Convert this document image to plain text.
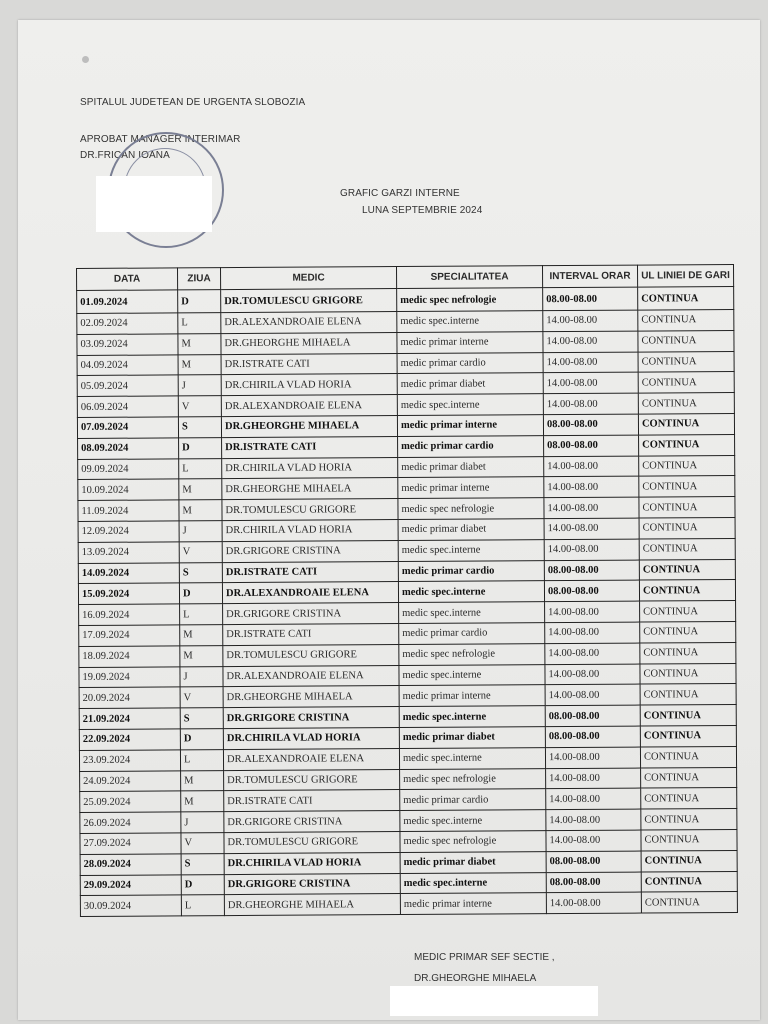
SPITALUL JUDETEAN DE URGENTA SLOBOZIA
APROBAT MANAGER INTERIMAR
DR.FRICAN IOANA
GRAFIC GARZI INTERNE
LUNA SEPTEMBRIE 2024
DATA	ZIUA	MEDIC	SPECIALITATEA	INTERVAL ORAR	UL LINIEI DE GARI
01.09.2024	D	DR.TOMULESCU GRIGORE	medic spec nefrologie	08.00-08.00	CONTINUA
02.09.2024	L	DR.ALEXANDROAIE ELENA	medic spec.interne	14.00-08.00	CONTINUA
03.09.2024	M	DR.GHEORGHE MIHAELA	medic primar interne	14.00-08.00	CONTINUA
04.09.2024	M	DR.ISTRATE CATI	medic primar cardio	14.00-08.00	CONTINUA
05.09.2024	J	DR.CHIRILA VLAD HORIA	medic primar diabet	14.00-08.00	CONTINUA
06.09.2024	V	DR.ALEXANDROAIE ELENA	medic spec.interne	14.00-08.00	CONTINUA
07.09.2024	S	DR.GHEORGHE MIHAELA	medic primar interne	08.00-08.00	CONTINUA
08.09.2024	D	DR.ISTRATE CATI	medic primar cardio	08.00-08.00	CONTINUA
09.09.2024	L	DR.CHIRILA VLAD HORIA	medic primar diabet	14.00-08.00	CONTINUA
10.09.2024	M	DR.GHEORGHE MIHAELA	medic primar interne	14.00-08.00	CONTINUA
11.09.2024	M	DR.TOMULESCU GRIGORE	medic spec nefrologie	14.00-08.00	CONTINUA
12.09.2024	J	DR.CHIRILA VLAD HORIA	medic primar diabet	14.00-08.00	CONTINUA
13.09.2024	V	DR.GRIGORE CRISTINA	medic spec.interne	14.00-08.00	CONTINUA
14.09.2024	S	DR.ISTRATE CATI	medic primar cardio	08.00-08.00	CONTINUA
15.09.2024	D	DR.ALEXANDROAIE ELENA	medic spec.interne	08.00-08.00	CONTINUA
16.09.2024	L	DR.GRIGORE CRISTINA	medic spec.interne	14.00-08.00	CONTINUA
17.09.2024	M	DR.ISTRATE CATI	medic primar cardio	14.00-08.00	CONTINUA
18.09.2024	M	DR.TOMULESCU GRIGORE	medic spec nefrologie	14.00-08.00	CONTINUA
19.09.2024	J	DR.ALEXANDROAIE ELENA	medic spec.interne	14.00-08.00	CONTINUA
20.09.2024	V	DR.GHEORGHE MIHAELA	medic primar interne	14.00-08.00	CONTINUA
21.09.2024	S	DR.GRIGORE CRISTINA	medic spec.interne	08.00-08.00	CONTINUA
22.09.2024	D	DR.CHIRILA VLAD HORIA	medic primar diabet	08.00-08.00	CONTINUA
23.09.2024	L	DR.ALEXANDROAIE ELENA	medic spec.interne	14.00-08.00	CONTINUA
24.09.2024	M	DR.TOMULESCU GRIGORE	medic spec nefrologie	14.00-08.00	CONTINUA
25.09.2024	M	DR.ISTRATE CATI	medic primar cardio	14.00-08.00	CONTINUA
26.09.2024	J	DR.GRIGORE CRISTINA	medic spec.interne	14.00-08.00	CONTINUA
27.09.2024	V	DR.TOMULESCU GRIGORE	medic spec nefrologie	14.00-08.00	CONTINUA
28.09.2024	S	DR.CHIRILA VLAD HORIA	medic primar diabet	08.00-08.00	CONTINUA
29.09.2024	D	DR.GRIGORE CRISTINA	medic spec.interne	08.00-08.00	CONTINUA
30.09.2024	L	DR.GHEORGHE MIHAELA	medic primar interne	14.00-08.00	CONTINUA
MEDIC PRIMAR SEF SECTIE ,
DR.GHEORGHE MIHAELA
